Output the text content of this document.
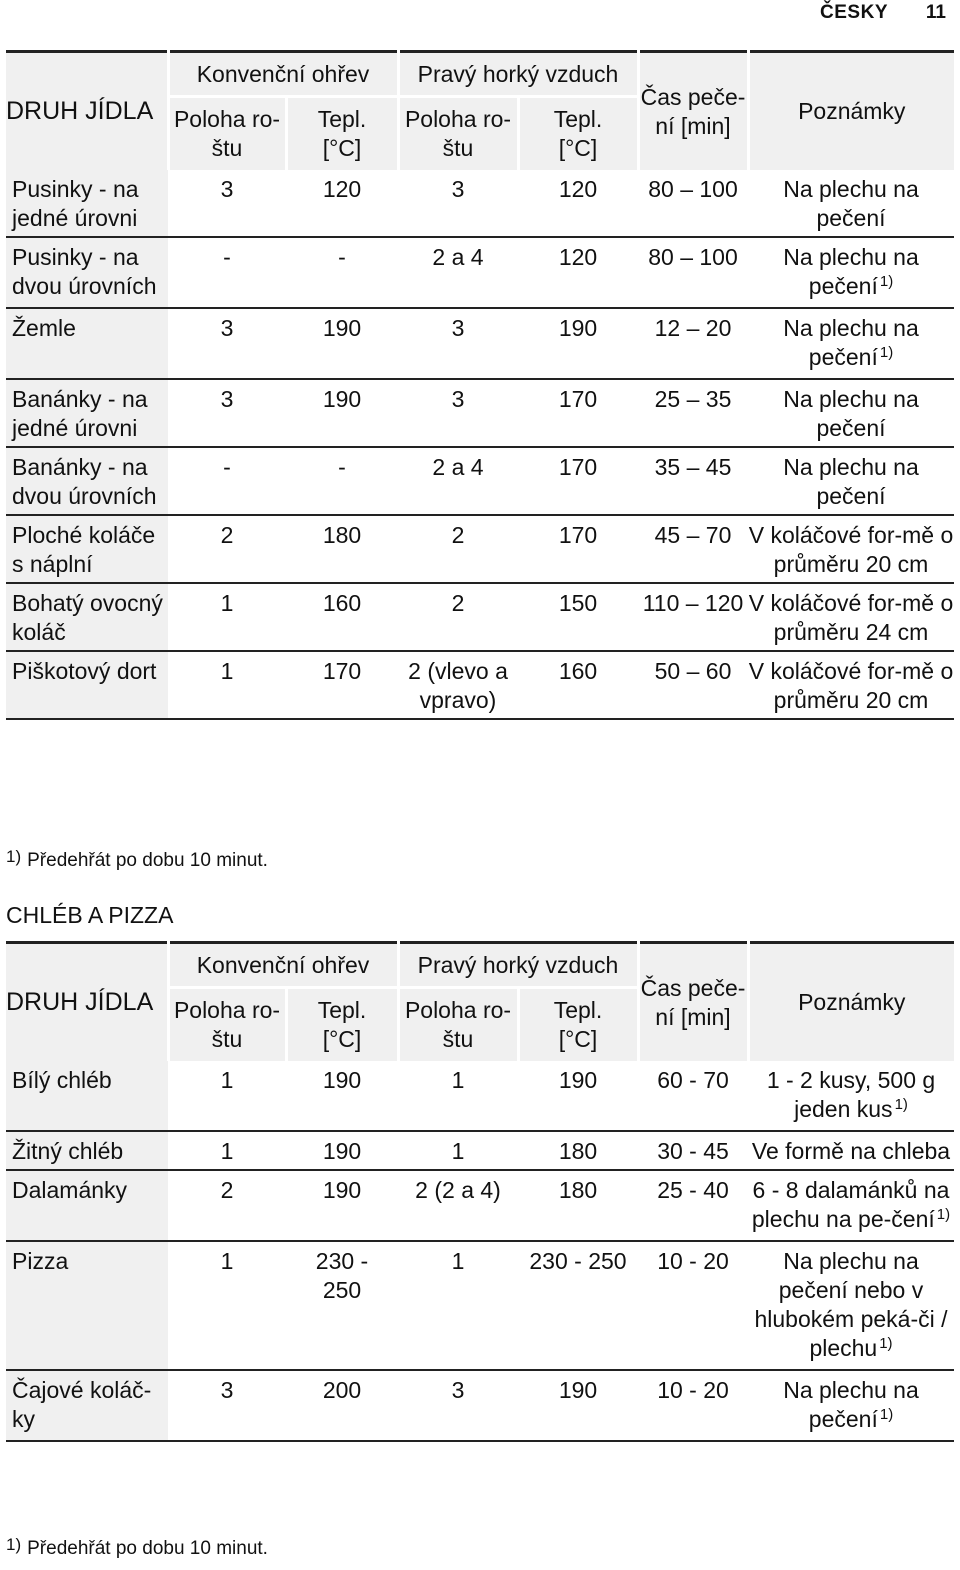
ČESKY 11
DRUH JÍDLA	Konvenční ohřev		Pravý horký vzduch		Čas peče-
ní [min]	Poznámky
	Poloha ro-
štu	Tepl.
[°C]	Poloha ro-
štu	Tepl.
[°C]		
Pusinky - na jedné úrovni	3	120	3	120	80 – 100	Na plechu na pečení
Pusinky - na dvou úrovních	-	-	2 a 4	120	80 – 100	Na plechu na pečení $^{1)}$
Žemle	3	190	3	190	12 – 20	Na plechu na pečení $^{1)}$
Banánky - na jedné úrovni	3	190	3	170	25 – 35	Na plechu na pečení
Banánky - na dvou úrovních	-	-	2 a 4	170	35 – 45	Na plechu na pečení
Ploché koláče s náplní	2	180	2	170	45 – 70	V koláčové for-mě o průměru 20 cm
Bohatý ovocný koláč	1	160	2	150	110 – 120	V koláčové for-mě o průměru 24 cm
Piškotový dort	1	170	2 (vlevo a vpravo)	160	50 – 60	V koláčové for-mě o průměru 20 cm
1) Předehřát po dobu 10 minut.
CHLÉB A PIZZA
DRUH JÍDLA	Konvenční ohřev		Pravý horký vzduch		Čas peče-
ní [min]	Poznámky
	Poloha ro-
štu	Tepl.
[°C]	Poloha ro-
štu	Tepl.
[°C]		
Bílý chléb	1	190	1	190	60 - 70	1 - 2 kusy, 500 g jeden kus $^{1)}$
Žitný chléb	1	190	1	180	30 - 45	Ve formě na chleba
Dalamánky	2	190	2 (2 a 4)	180	25 - 40	6 - 8 dalamánků na plechu na pe-čení $^{1)}$
Pizza	1	230 - 250	1	230 - 250	10 - 20	Na plechu na pečení nebo v hlubokém peká-či / plechu $^{1)}$
Čajové koláč-ky	3	200	3	190	10 - 20	Na plechu na pečení $^{1)}$
1) Předehřát po dobu 10 minut.
